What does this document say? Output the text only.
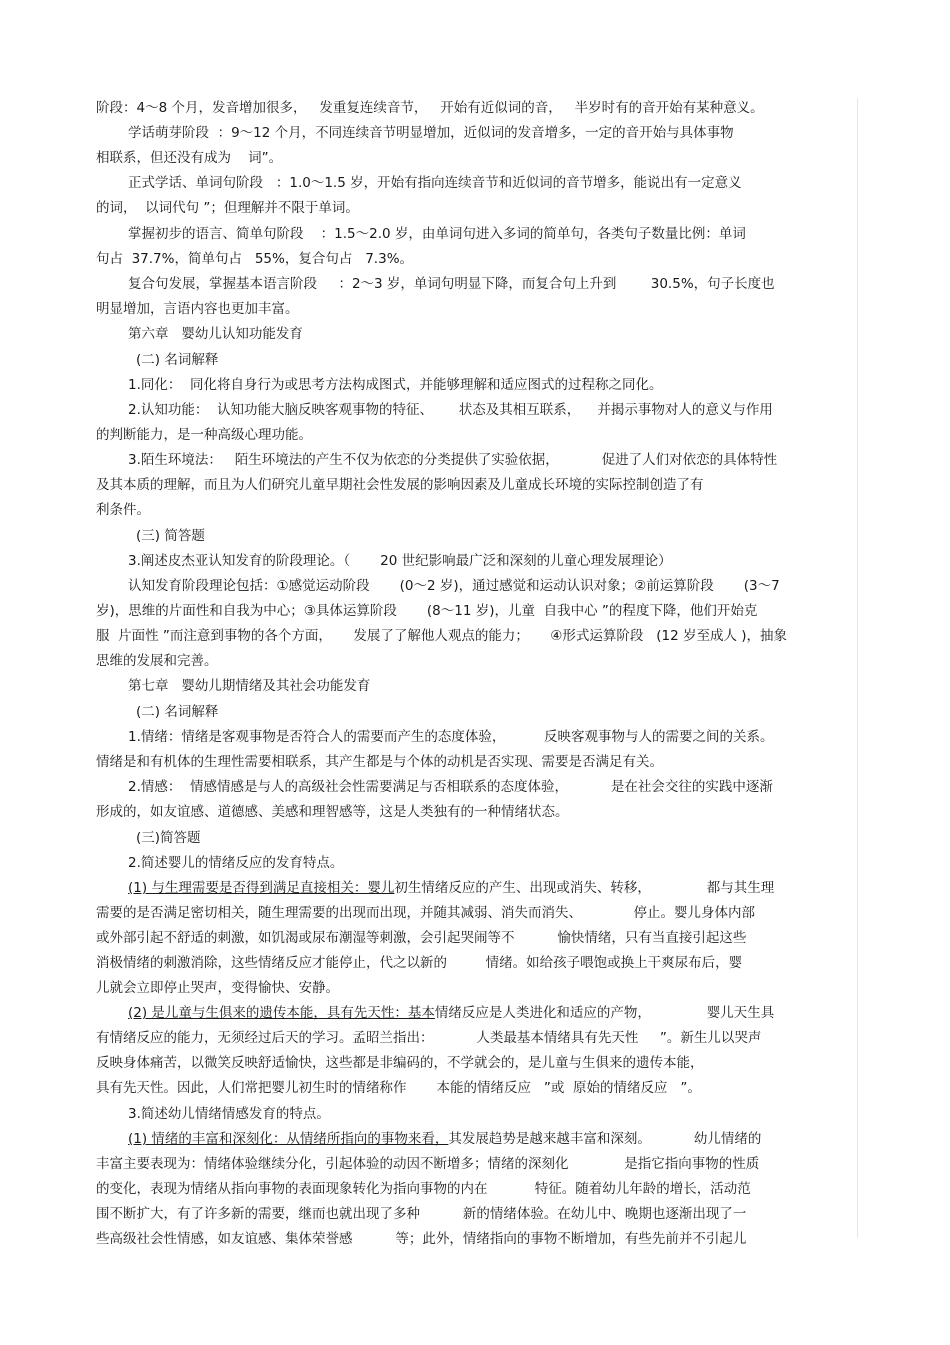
阶段：4～8 个月，发音增加很多，   发重复连续音节，   开始有近似词的音，   半岁时有的音开始有某种意义。
学话萌芽阶段  ：9～12 个月，不同连续音节明显增加，近似词的发音增多，一定的音开始与具体事物
相联系，但还没有成为    词”。
正式学话、单词句阶段   ：1.0～1.5 岁，开始有指向连续音节和近似词的音节增多，能说出有一定意义
的词，  以词代句 ”；但理解并不限于单词。
掌握初步的语言、简单句阶段    ：1.5～2.0 岁，由单词句进入多词的简单句，各类句子数量比例：单词
句占  37.7%，简单句占   55%，复合句占   7.3%。
复合句发展，掌握基本语言阶段     ：2～3 岁，单词句明显下降，而复合句上升到        30.5%，句子长度也
明显增加，言语内容也更加丰富。
第六章   婴幼儿认知功能发育
(二) 名词解释
1.同化：  同化将自身行为或思考方法构成图式，并能够理解和适应图式的过程称之同化。
2.认知功能：  认知功能大脑反映客观事物的特征、      状态及其相互联系，    并揭示事物对人的意义与作用
的判断能力，是一种高级心理功能。
3.陌生环境法：   陌生环境法的产生不仅为依恋的分类提供了实验依据，          促进了人们对依恋的具体特性
及其本质的理解，而且为人们研究儿童早期社会性发展的影响因素及儿童成长环境的实际控制创造了有
利条件。
(三) 简答题
3.阐述皮杰亚认知发育的阶段理论。（       20 世纪影响最广泛和深刻的儿童心理发展理论）
认知发育阶段理论包括：①感觉运动阶段       (0～2 岁)，通过感觉和运动认识对象；②前运算阶段       (3～7
岁)，思维的片面性和自我为中心；③具体运算阶段       (8～11 岁)，儿童  自我中心 ”的程度下降，他们开始克
服  片面性 ”而注意到事物的各个方面，     发展了了解他人观点的能力；     ④形式运算阶段   (12 岁至成人 )，抽象
思维的发展和完善。
第七章   婴幼儿期情绪及其社会功能发育
(二) 名词解释
1.情绪：情绪是客观事物是否符合人的需要而产生的态度体验，         反映客观事物与人的需要之间的关系。
情绪是和有机体的生理性需要相联系，其产生都是与个体的动机是否实现、需要是否满足有关。
2.情感：  情感情感是与人的高级社会性需要满足与否相联系的态度体验，          是在社会交往的实践中逐渐
形成的，如友谊感、道德感、美感和理智感等，这是人类独有的一种情绪状态。
(三)简答题
2.简述婴儿的情绪反应的发育特点。
(1) 与生理需要是否得到满足直接相关：婴儿初生情绪反应的产生、出现或消失、转移，             都与其生理
需要的是否满足密切相关，随生理需要的出现而出现，并随其减弱、消失而消失、            停止。婴儿身体内部
或外部引起不舒适的刺激，如饥渴或尿布潮湿等刺激，会引起哭闹等不          愉快情绪，只有当直接引起这些
消极情绪的刺激消除，这些情绪反应才能停止，代之以新的         情绪。如给孩子喂饱或换上干爽尿布后，婴
儿就会立即停止哭声，变得愉快、安静。
(2) 是儿童与生俱来的遗传本能，具有先天性：基本情绪反应是人类进化和适应的产物，             婴儿天生具
有情绪反应的能力，无须经过后天的学习。孟昭兰指出：          人类最基本情绪具有先天性     ”。新生儿以哭声
反映身体痛苦，以微笑反映舒适愉快，这些都是非编码的，不学就会的，是儿童与生俱来的遗传本能，
具有先天性。因此，人们常把婴儿初生时的情绪称作       本能的情绪反应   ”或  原始的情绪反应   ”。
3.简述幼儿情绪情感发育的特点。
(1) 情绪的丰富和深刻化：从情绪所指向的事物来看，其发展趋势是越来越丰富和深刻。          幼儿情绪的
丰富主要表现为：情绪体验继续分化，引起体验的动因不断增多；情绪的深刻化             是指它指向事物的性质
的变化，表现为情绪从指向事物的表面现象转化为指向事物的内在           特征。随着幼儿年龄的增长，活动范
围不断扩大，有了许多新的需要，继而也就出现了多种          新的情绪体验。在幼儿中、晚期也逐渐出现了一
些高级社会性情感，如友谊感、集体荣誉感          等；此外，情绪指向的事物不断增加，有些先前并不引起儿
